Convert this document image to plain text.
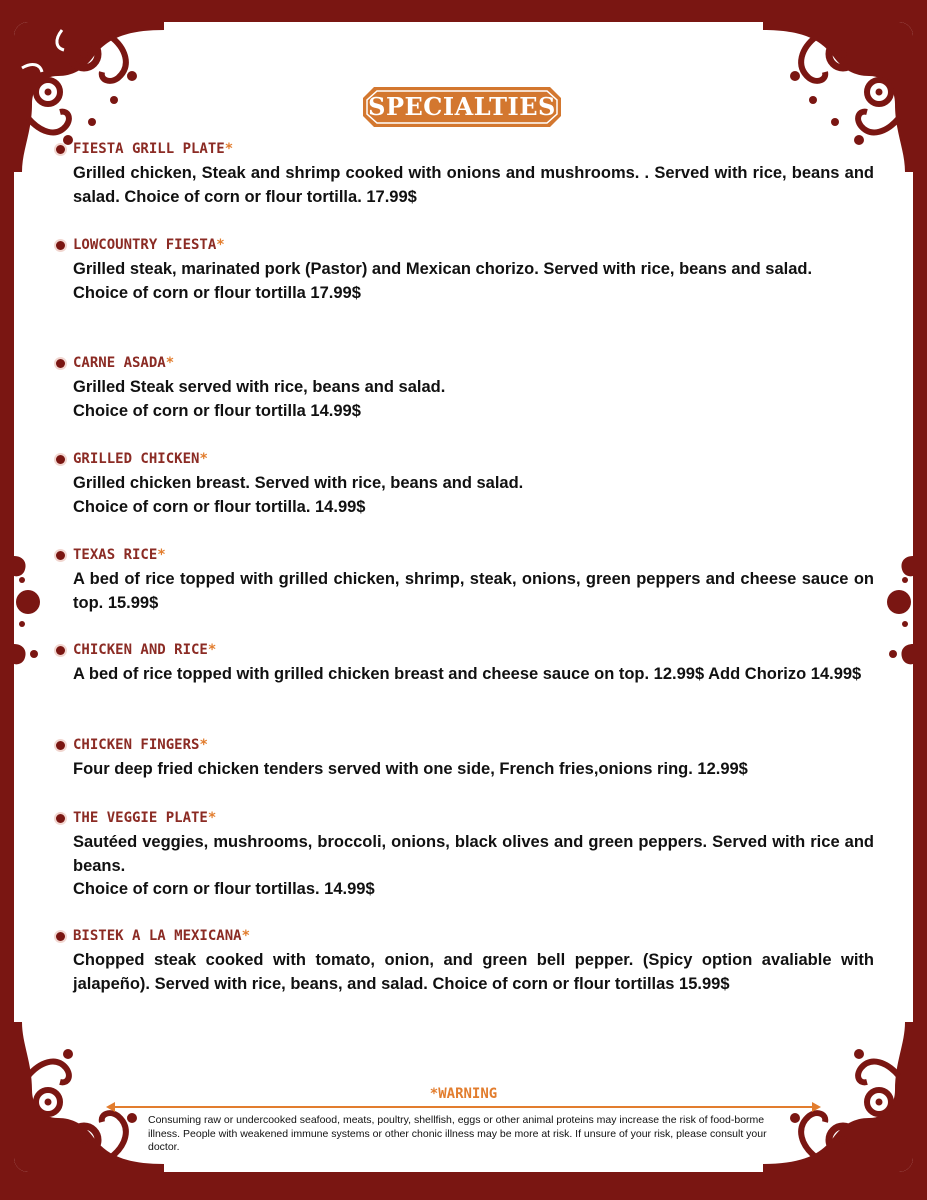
SPECIALTIES
FIESTA GRILL PLATE*
Grilled chicken, Steak and shrimp cooked with onions and mushrooms. . Served with rice, beans and salad. Choice of corn or flour tortilla. 17.99$
LOWCOUNTRY FIESTA*
Grilled steak, marinated pork (Pastor) and Mexican chorizo. Served with rice, beans and salad.
Choice of corn or flour tortilla 17.99$
CARNE ASADA*
Grilled Steak served with rice, beans and salad.
Choice of corn or flour tortilla 14.99$
GRILLED CHICKEN*
Grilled chicken breast. Served with rice, beans and salad.
Choice of corn or flour tortilla. 14.99$
TEXAS RICE*
A bed of rice topped with grilled chicken, shrimp, steak, onions, green peppers and cheese sauce on top. 15.99$
CHICKEN AND RICE*
A bed of rice topped with grilled chicken breast and cheese sauce on top. 12.99$ Add Chorizo 14.99$
CHICKEN FINGERS*
Four deep fried chicken tenders served with one side, French fries,onions ring. 12.99$
THE VEGGIE PLATE*
Sautéed veggies, mushrooms, broccoli, onions, black olives and green peppers. Served with rice and beans.
Choice of corn or flour tortillas. 14.99$
BISTEK A LA MEXICANA*
Chopped steak cooked with tomato, onion, and green bell pepper. (Spicy option avaliable with jalapeño). Served with rice, beans, and salad. Choice of corn or flour tortillas 15.99$
*WARNING
Consuming raw or undercooked seafood, meats, poultry, shellfish, eggs or other animal proteins may increase the risk of food-borme illness. People with weakened immune systems or other chonic illness may be more at risk. If unsure of your risk, please consult your doctor.
